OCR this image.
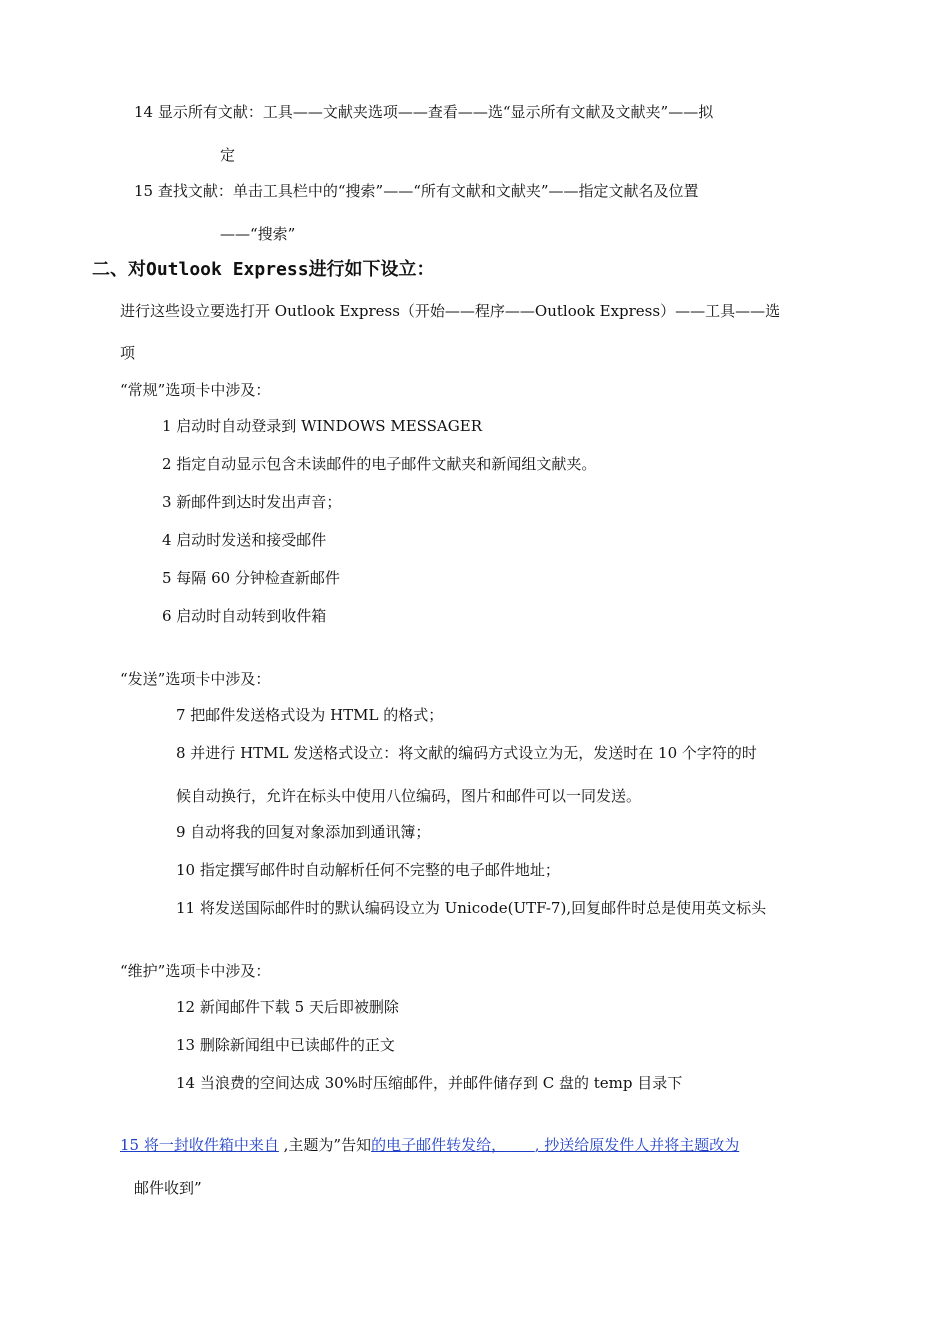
14 显示所有文献：工具——文献夹选项——查看——选“显示所有文献及文献夹”——拟
定
15 查找文献：单击工具栏中的“搜索”——“所有文献和文献夹”——指定文献名及位置
——“搜索”
二、对Outlook Express进行如下设立：
进行这些设立要选打开 Outlook Express（开始——程序——Outlook Express）——工具——选
项
“常规”选项卡中涉及：
1 启动时自动登录到 WINDOWS MESSAGER
2 指定自动显示包含未读邮件的电子邮件文献夹和新闻组文献夹。
3 新邮件到达时发出声音；
4 启动时发送和接受邮件
5 每隔 60 分钟检查新邮件
6 启动时自动转到收件箱
“发送”选项卡中涉及：
7 把邮件发送格式设为 HTML 的格式；
8 并进行 HTML 发送格式设立：将文献的编码方式设立为无，发送时在 10 个字符的时
候自动换行，允许在标头中使用八位编码，图片和邮件可以一同发送。
9 自动将我的回复对象添加到通讯簿；
10 指定撰写邮件时自动解析任何不完整的电子邮件地址；
11 将发送国际邮件时的默认编码设立为 Unicode(UTF-7),回复邮件时总是使用英文标头
“维护”选项卡中涉及：
12 新闻邮件下载 5 天后即被删除
13 删除新闻组中已读邮件的正文
14 当浪费的空间达成 30%时压缩邮件，并邮件储存到 C 盘的 temp 目录下
15 将一封收件箱中来自 ,主题为”告知的电子邮件转发给， , 抄送给原发件人并将主题改为
邮件收到”
